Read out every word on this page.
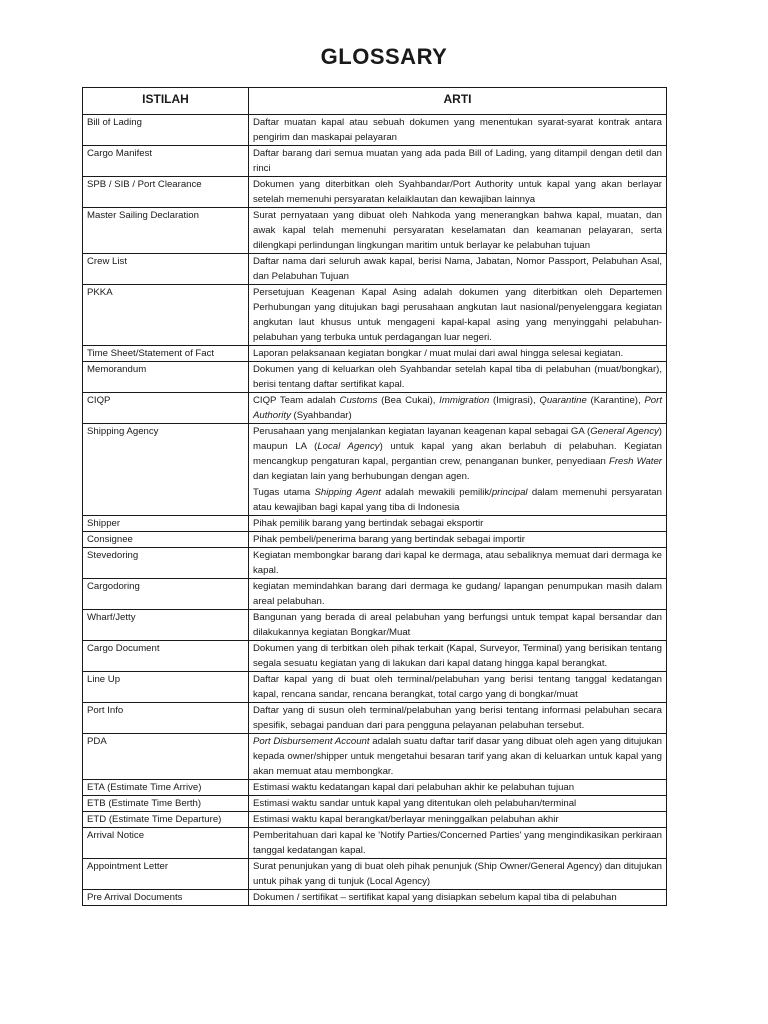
GLOSSARY
ISTILAH	ARTI
Bill of Lading	Daftar muatan kapal atau sebuah dokumen yang menentukan syarat-syarat kontrak antara pengirim dan maskapai pelayaran
Cargo Manifest	Daftar barang dari semua muatan yang ada pada Bill of Lading, yang ditampil dengan detil dan rinci
SPB / SIB / Port Clearance	Dokumen yang diterbitkan oleh Syahbandar/Port Authority untuk kapal yang akan berlayar setelah memenuhi persyaratan kelaiklautan dan kewajiban lainnya
Master Sailing Declaration	Surat pernyataan yang dibuat oleh Nahkoda yang menerangkan bahwa kapal, muatan, dan awak kapal telah memenuhi persyaratan keselamatan dan keamanan pelayaran, serta dilengkapi perlindungan lingkungan maritim untuk berlayar ke pelabuhan tujuan
Crew List	Daftar nama dari seluruh awak kapal, berisi Nama, Jabatan, Nomor Passport, Pelabuhan Asal, dan Pelabuhan Tujuan
PKKA	Persetujuan Keagenan Kapal Asing adalah dokumen yang diterbitkan oleh Departemen Perhubungan yang ditujukan bagi perusahaan angkutan laut nasional/penyelenggara kegiatan angkutan laut khusus untuk mengageni kapal-kapal asing yang menyinggahi pelabuhan-pelabuhan yang terbuka untuk perdagangan luar negeri.
Time Sheet/Statement of Fact	Laporan pelaksanaan kegiatan bongkar / muat mulai dari awal hingga selesai kegiatan.
Memorandum	Dokumen yang di keluarkan oleh Syahbandar setelah kapal tiba di pelabuhan (muat/bongkar), berisi tentang daftar sertifikat kapal.
CIQP	CIQP Team adalah Customs (Bea Cukai), Immigration (Imigrasi), Quarantine (Karantine), Port Authority (Syahbandar)
Shipping Agency	Perusahaan yang menjalankan kegiatan layanan keagenan kapal sebagai GA (General Agency) maupun LA (Local Agency) untuk kapal yang akan berlabuh di pelabuhan. Kegiatan mencangkup pengaturan kapal, pergantian crew, penanganan bunker, penyediaan Fresh Water dan kegiatan lain yang berhubungan dengan agen.

Tugas utama Shipping Agent adalah mewakili pemilik/principal dalam memenuhi persyaratan atau kewajiban bagi kapal yang tiba di Indonesia

Shipper	Pihak pemilik barang yang bertindak sebagai eksportir
Consignee	Pihak pembeli/penerima barang yang bertindak sebagai importir
Stevedoring	Kegiatan membongkar barang dari kapal ke dermaga, atau sebaliknya memuat dari dermaga ke kapal.
Cargodoring	kegiatan memindahkan barang dari dermaga ke gudang/ lapangan penumpukan masih dalam areal pelabuhan.
Wharf/Jetty	Bangunan yang berada di areal pelabuhan yang berfungsi untuk tempat kapal bersandar dan dilakukannya kegiatan Bongkar/Muat
Cargo Document	Dokumen yang di terbitkan oleh pihak terkait (Kapal, Surveyor, Terminal) yang berisikan tentang segala sesuatu kegiatan yang di lakukan dari kapal datang hingga kapal berangkat.
Line Up	Daftar kapal yang di buat oleh terminal/pelabuhan yang berisi tentang tanggal kedatangan kapal, rencana sandar, rencana berangkat, total cargo yang di bongkar/muat
Port Info	Daftar yang di susun oleh terminal/pelabuhan yang berisi tentang informasi pelabuhan secara spesifik, sebagai panduan dari para pengguna pelayanan pelabuhan tersebut.
PDA	Port Disbursement Account adalah suatu daftar tarif dasar yang dibuat oleh agen yang ditujukan kepada owner/shipper untuk mengetahui besaran tarif yang akan di keluarkan untuk kapal yang akan memuat atau membongkar.
ETA (Estimate Time Arrive)	Estimasi waktu kedatangan kapal dari pelabuhan akhir ke pelabuhan tujuan
ETB (Estimate Time Berth)	Estimasi waktu sandar untuk kapal yang ditentukan oleh pelabuhan/terminal
ETD (Estimate Time Departure)	Estimasi waktu kapal berangkat/berlayar meninggalkan pelabuhan akhir
Arrival Notice	Pemberitahuan dari kapal ke 'Notify Parties/Concerned Parties' yang mengindikasikan perkiraan tanggal kedatangan kapal.
Appointment Letter	Surat penunjukan yang di buat oleh pihak penunjuk (Ship Owner/General Agency) dan ditujukan untuk pihak yang di tunjuk (Local Agency)
Pre Arrival Documents	Dokumen / sertifikat – sertifikat kapal yang disiapkan sebelum kapal tiba di pelabuhan
